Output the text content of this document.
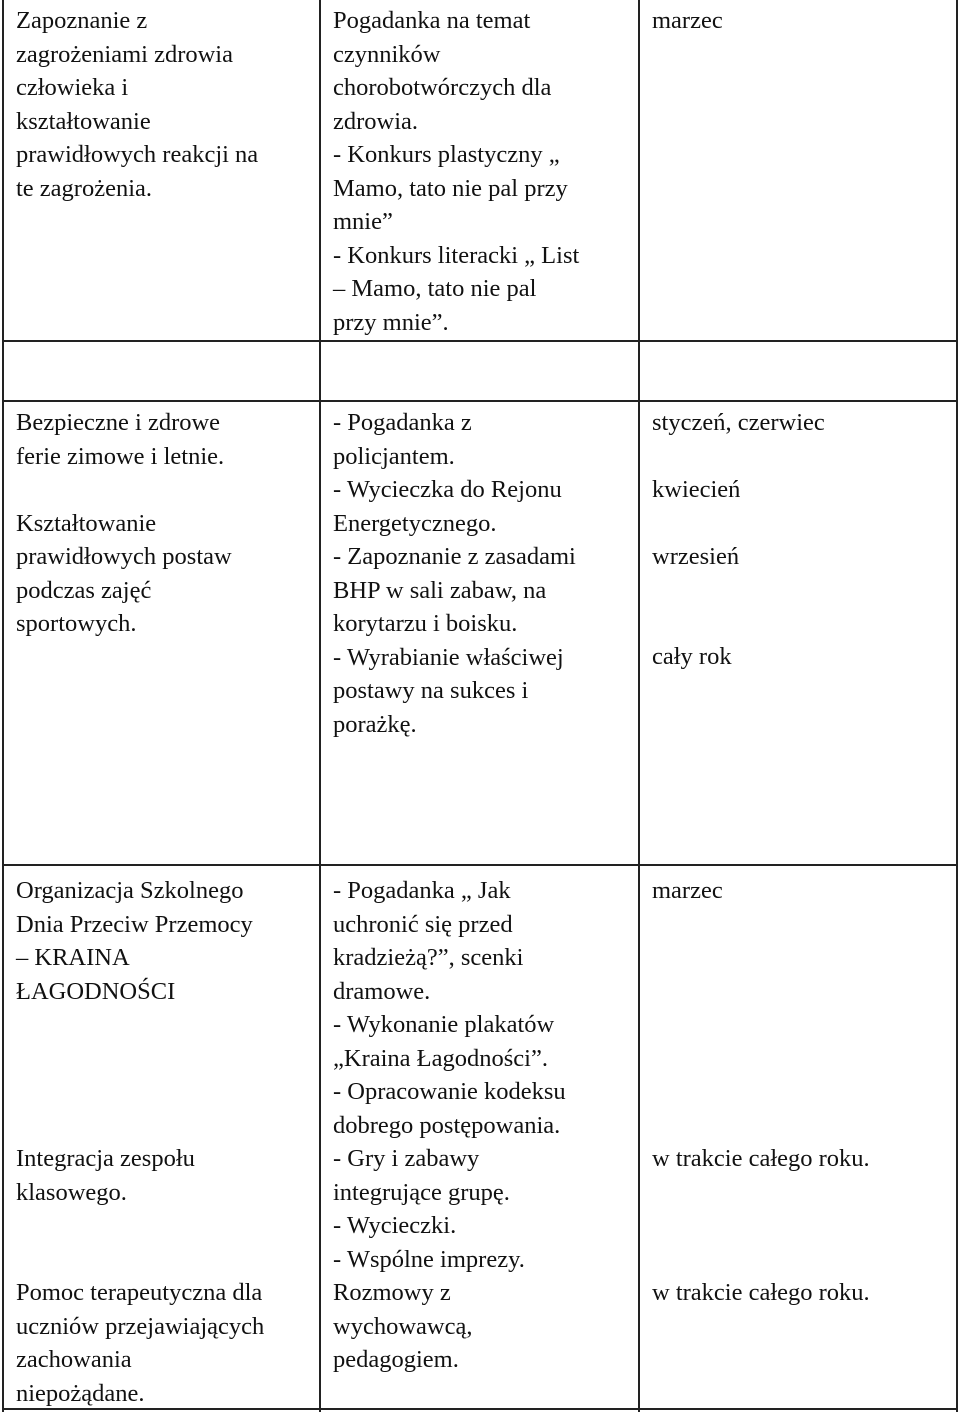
Zapoznanie z
zagrożeniami zdrowia
człowieka i
kształtowanie
prawidłowych reakcji na
te zagrożenia.
Pogadanka na temat
czynników
chorobotwórczych dla
zdrowia.
- Konkurs plastyczny „
Mamo, tato nie pal przy
mnie”
- Konkurs literacki „ List
– Mamo, tato nie pal
przy mnie”.
marzec
Bezpieczne i zdrowe
ferie zimowe i letnie.
Kształtowanie
prawidłowych postaw
podczas zajęć
sportowych.
- Pogadanka z
policjantem.
- Wycieczka do Rejonu
Energetycznego.
- Zapoznanie z zasadami
BHP w sali zabaw, na
korytarzu i boisku.
- Wyrabianie właściwej
postawy na sukces i
porażkę.
styczeń, czerwiec
kwiecień
wrzesień
cały rok
Organizacja Szkolnego
Dnia Przeciw Przemocy
– KRAINA
ŁAGODNOŚCI
Integracja zespołu
klasowego.
Pomoc terapeutyczna dla
uczniów przejawiających
zachowania
niepożądane.
- Pogadanka „ Jak
uchronić się przed
kradzieżą?”, scenki
dramowe.
- Wykonanie plakatów
„Kraina Łagodności”.
- Opracowanie kodeksu
dobrego postępowania.
- Gry i zabawy
integrujące grupę.
- Wycieczki.
- Wspólne imprezy.
Rozmowy z
wychowawcą,
pedagogiem.
marzec
w trakcie całego roku.
w trakcie całego roku.
